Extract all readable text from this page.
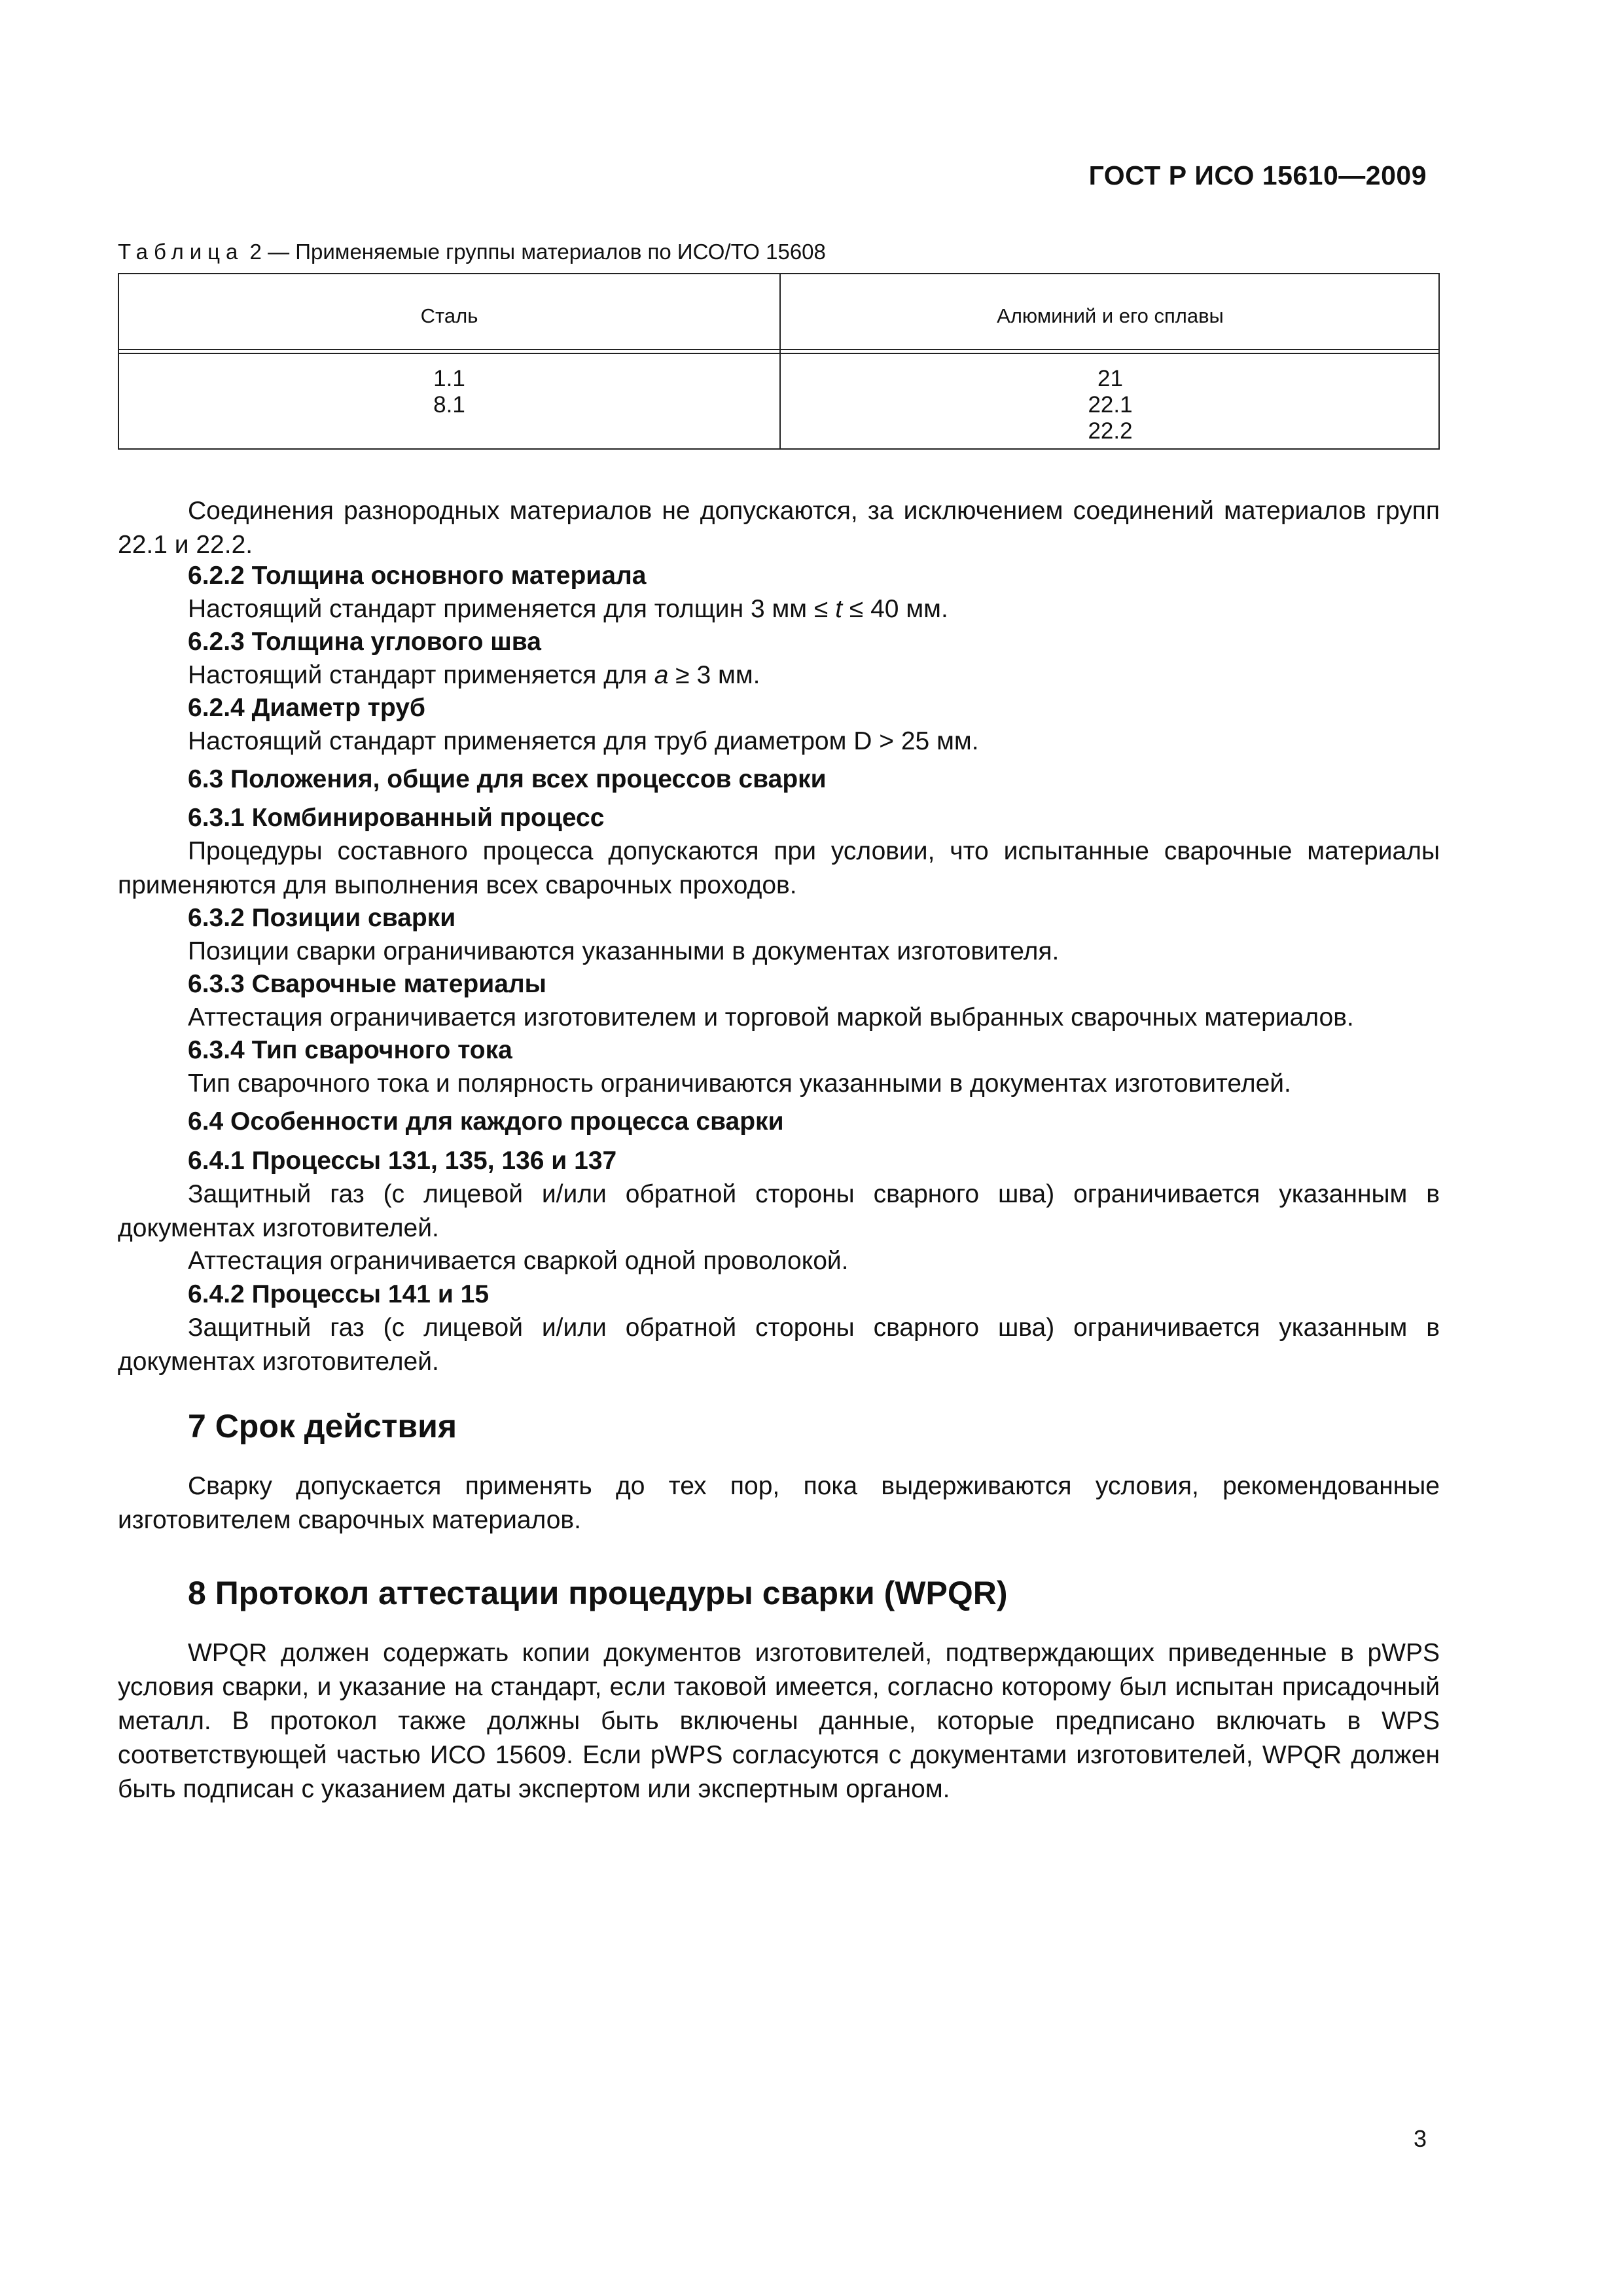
ГОСТ Р ИСО 15610—2009
Таблица 2 — Применяемые группы материалов по ИСО/ТО 15608
Сталь	Алюминий и его сплавы
1.1
8.1
21
22.1
22.2
Соединения разнородных материалов не допускаются, за исключением соединений материалов групп 22.1 и 22.2.
6.2.2 Толщина основного материала
Настоящий стандарт применяется для толщин 3 мм ≤ t ≤ 40 мм.
6.2.3 Толщина углового шва
Настоящий стандарт применяется для a ≥ 3 мм.
6.2.4 Диаметр труб
Настоящий стандарт применяется для труб диаметром D > 25 мм.
6.3 Положения, общие для всех процессов сварки
6.3.1 Комбинированный процесс
Процедуры составного процесса допускаются при условии, что испытанные сварочные материалы применяются для выполнения всех сварочных проходов.
6.3.2 Позиции сварки
Позиции сварки ограничиваются указанными в документах изготовителя.
6.3.3 Сварочные материалы
Аттестация ограничивается изготовителем и торговой маркой выбранных сварочных материалов.
6.3.4 Тип сварочного тока
Тип сварочного тока и полярность ограничиваются указанными в документах изготовителей.
6.4 Особенности для каждого процесса сварки
6.4.1 Процессы 131, 135, 136 и 137
Защитный газ (с лицевой и/или обратной стороны сварного шва) ограничивается указанным в документах изготовителей.
Аттестация ограничивается сваркой одной проволокой.
6.4.2 Процессы 141 и 15
Защитный газ (с лицевой и/или обратной стороны сварного шва) ограничивается указанным в документах изготовителей.
7 Срок действия
Сварку допускается применять до тех пор, пока выдерживаются условия, рекомендованные изготовителем сварочных материалов.
8 Протокол аттестации процедуры сварки (WPQR)
WPQR должен содержать копии документов изготовителей, подтверждающих приведенные в pWPS условия сварки, и указание на стандарт, если таковой имеется, согласно которому был испытан присадочный металл. В протокол также должны быть включены данные, которые предписано включать в WPS соответствующей частью ИСО 15609. Если pWPS согласуются с документами изготовителей, WPQR должен быть подписан с указанием даты экспертом или экспертным органом.
3
